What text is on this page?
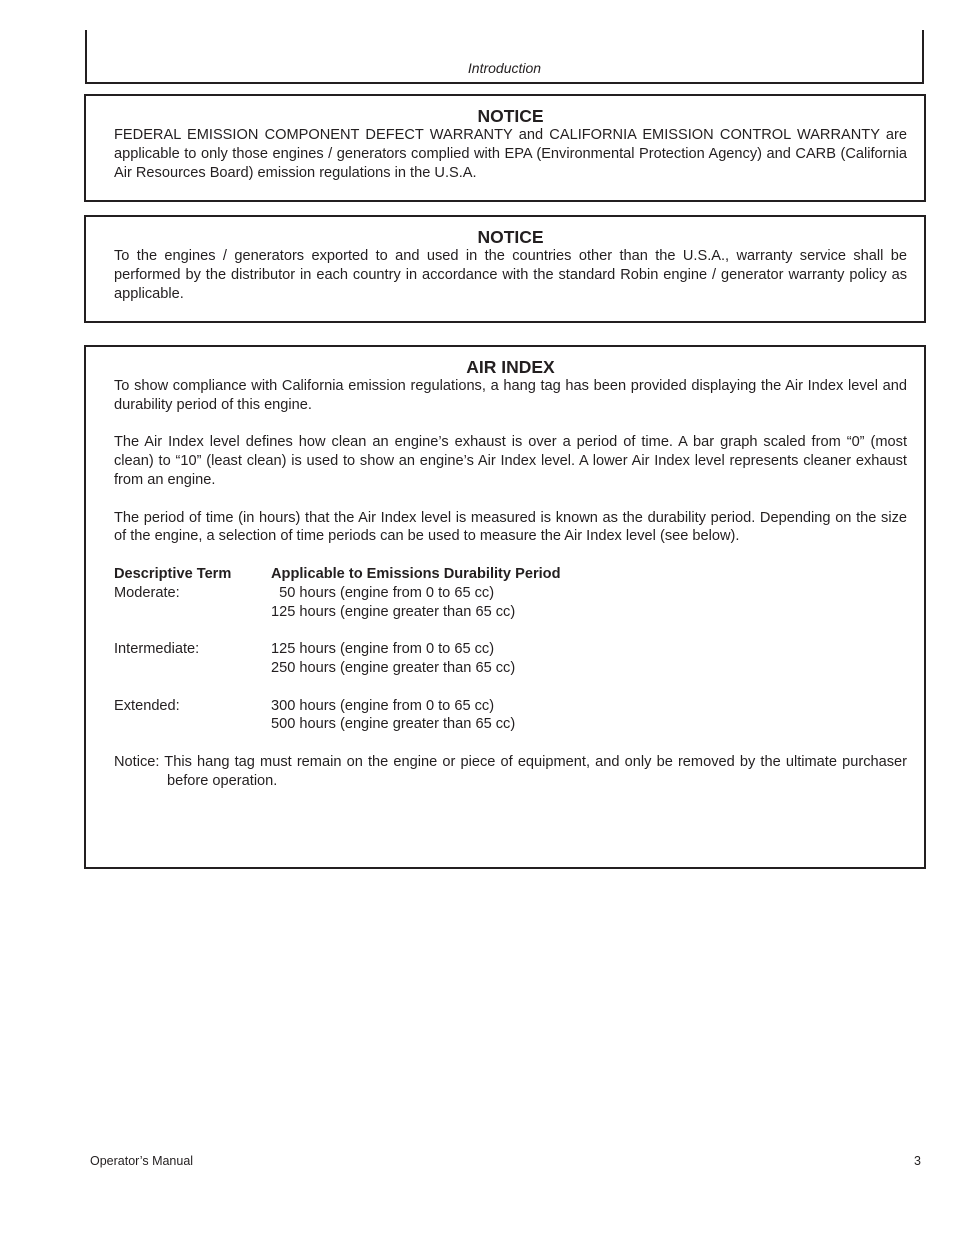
Introduction
NOTICE

FEDERAL EMISSION COMPONENT DEFECT WARRANTY and CALIFORNIA EMISSION CONTROL WARRANTY are applicable to only those engines / generators complied with EPA (Environmental Protection Agency) and CARB (California Air Resources Board) emission regulations in the U.S.A.

NOTICE

To the engines / generators exported to and used in the countries other than the U.S.A., warranty service shall be performed by the distributor in each country in accordance with the standard Robin engine / generator warranty policy as applicable.

AIR INDEX

To show compliance with California emission regulations, a hang tag has been provided displaying the Air Index level and durability period of this engine.

The Air Index level defines how clean an engine’s exhaust is over a period of time. A bar graph scaled from “0” (most clean) to “10” (least clean) is used to show an engine’s Air Index level. A lower Air Index level represents cleaner exhaust from an engine.

The period of time (in hours) that the Air Index level is measured is known as the durability period. Depending on the size of the engine, a selection of time periods can be used to measure the Air Index level (see below).

Descriptive Term	Applicable to Emissions Durability Period
Moderate:	50 hours (engine from 0 to 65 cc)
125 hours (engine greater than 65 cc)

Intermediate:	125 hours (engine from 0 to 65 cc)
250 hours (engine greater than 65 cc)

Extended:	300 hours (engine from 0 to 65 cc)
500 hours (engine greater than 65 cc)

Notice: This hang tag must remain on the engine or piece of equipment, and only be removed by the ultimate purchaser before operation.

Operator’s Manual	3
